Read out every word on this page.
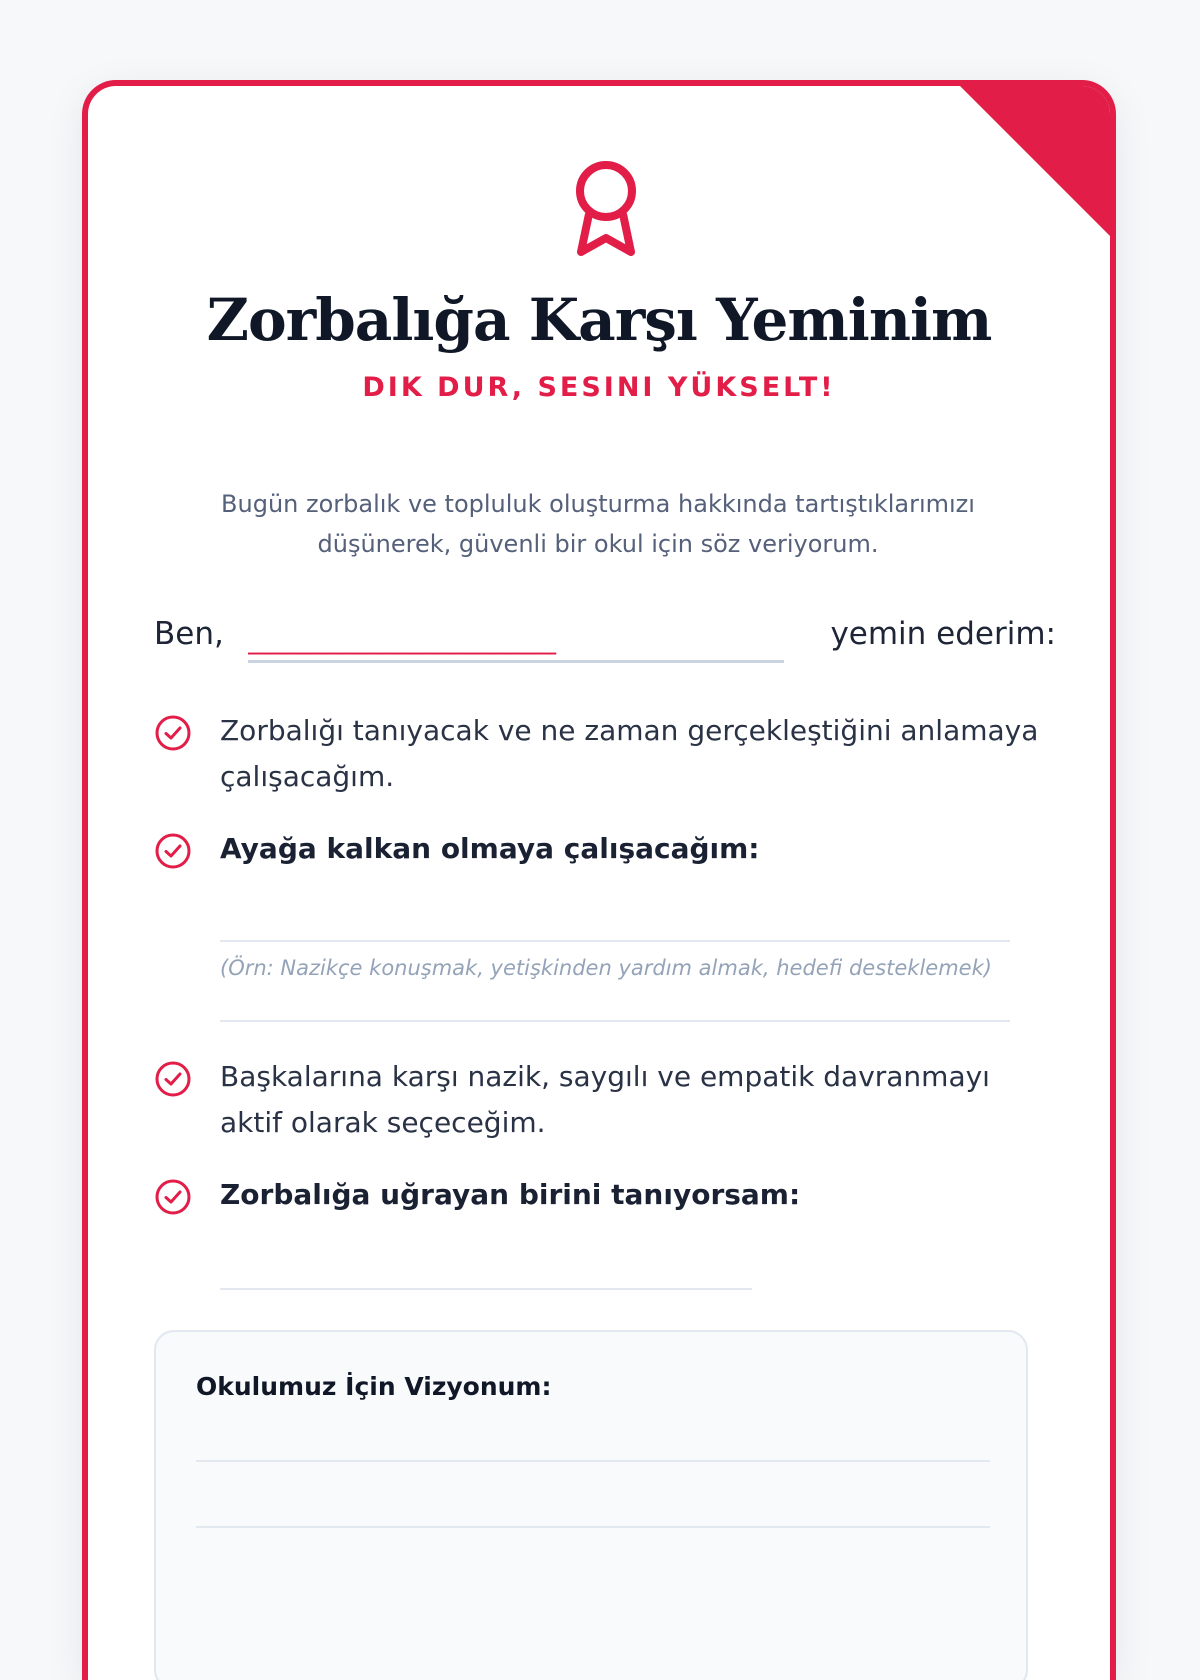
Zorbalığa Karşı Yeminim
DIK DUR, SESINI YÜKSELT!
Bugün zorbalık ve topluluk oluşturma hakkında tartıştıklarımızı düşünerek, güvenli bir okul için söz veriyorum.
Ben,
______________________	yemin ederim:
Zorbalığı tanıyacak ve ne zaman gerçekleştiğini anlamaya çalışacağım.
Ayağa kalkan olmaya çalışacağım:
(Örn: Nazikçe konuşmak, yetişkinden yardım almak, hedefi desteklemek)
Başkalarına karşı nazik, saygılı ve empatik davranmayı aktif olarak seçeceğim.
Zorbalığa uğrayan birini tanıyorsam:
Okulumuz İçin Vizyonum:
